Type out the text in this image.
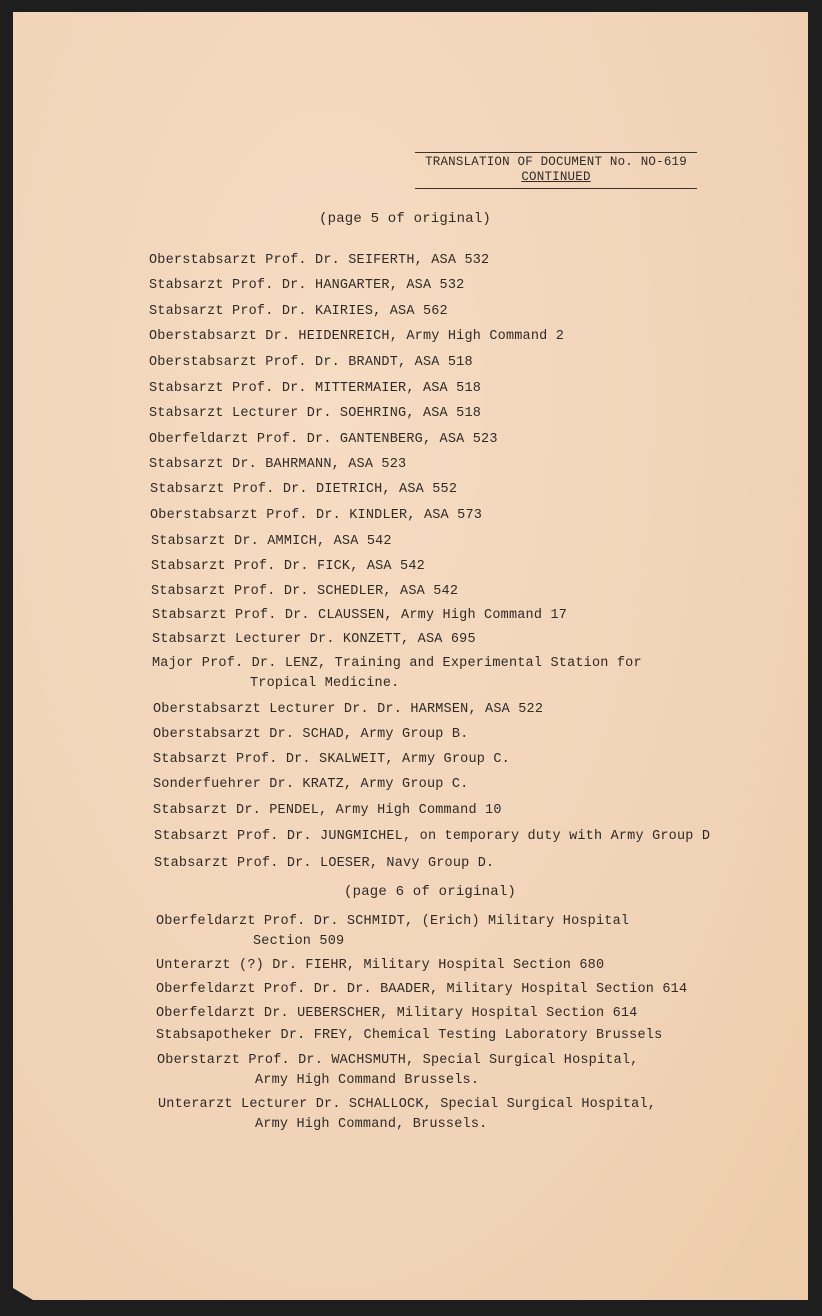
TRANSLATION OF DOCUMENT No. NO-619
CONTINUED
(page 5 of original)
Oberstabsarzt Prof. Dr. SEIFERTH, ASA 532
Stabsarzt Prof. Dr. HANGARTER, ASA 532
Stabsarzt Prof. Dr. KAIRIES, ASA 562
Oberstabsarzt Dr. HEIDENREICH, Army High Command 2
Oberstabsarzt Prof. Dr. BRANDT, ASA 518
Stabsarzt Prof. Dr. MITTERMAIER, ASA 518
Stabsarzt Lecturer Dr. SOEHRING, ASA 518
Oberfeldarzt Prof. Dr. GANTENBERG, ASA 523
Stabsarzt Dr. BAHRMANN, ASA 523
Stabsarzt Prof. Dr. DIETRICH, ASA 552
Oberstabsarzt Prof. Dr. KINDLER, ASA 573
Stabsarzt Dr. AMMICH, ASA 542
Stabsarzt Prof. Dr. FICK, ASA 542
Stabsarzt Prof. Dr. SCHEDLER, ASA 542
Stabsarzt Prof. Dr. CLAUSSEN, Army High Command 17
Stabsarzt Lecturer Dr. KONZETT, ASA 695
Major Prof. Dr. LENZ, Training and Experimental Station for
Tropical Medicine.
Oberstabsarzt Lecturer Dr. Dr. HARMSEN, ASA 522
Oberstabsarzt Dr. SCHAD, Army Group B.
Stabsarzt Prof. Dr. SKALWEIT, Army Group C.
Sonderfuehrer Dr. KRATZ, Army Group C.
Stabsarzt Dr. PENDEL, Army High Command 10
Stabsarzt Prof. Dr. JUNGMICHEL, on temporary duty with Army Group D
Stabsarzt Prof. Dr. LOESER, Navy Group D.
(page 6 of original)
Oberfeldarzt Prof. Dr. SCHMIDT, (Erich) Military Hospital
Section 509
Unterarzt (?) Dr. FIEHR, Military Hospital Section 680
Oberfeldarzt Prof. Dr. Dr. BAADER, Military Hospital Section 614
Oberfeldarzt Dr. UEBERSCHER, Military Hospital Section 614
Stabsapotheker Dr. FREY, Chemical Testing Laboratory Brussels
Oberstarzt Prof. Dr. WACHSMUTH, Special Surgical Hospital,
Army High Command Brussels.
Unterarzt Lecturer Dr. SCHALLOCK, Special Surgical Hospital,
Army High Command, Brussels.
